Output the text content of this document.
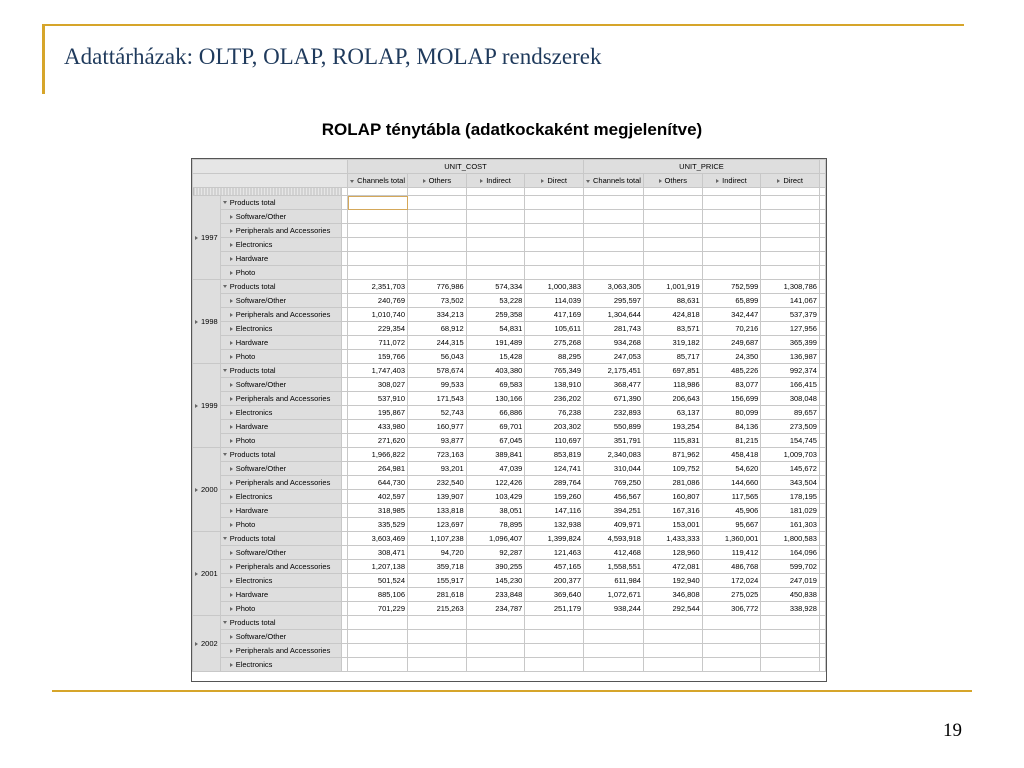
Adattárházak: OLTP, OLAP, ROLAP, MOLAP rendszerek
ROLAP ténytábla (adatkockaként megjelenítve)
			UNIT_COST				UNIT_PRICE				
			Channels total	Others	Indirect	Direct	Channels total	Others	Indirect	Direct	

1997	Products total										
	Software/Other										
	Peripherals and Accessories										
	Electronics										
	Hardware										
	Photo										
1998	Products total		2,351,703	776,986	574,334	1,000,383	3,063,305	1,001,919	752,599	1,308,786	
	Software/Other		240,769	73,502	53,228	114,039	295,597	88,631	65,899	141,067	
	Peripherals and Accessories		1,010,740	334,213	259,358	417,169	1,304,644	424,818	342,447	537,379	
	Electronics		229,354	68,912	54,831	105,611	281,743	83,571	70,216	127,956	
	Hardware		711,072	244,315	191,489	275,268	934,268	319,182	249,687	365,399	
	Photo		159,766	56,043	15,428	88,295	247,053	85,717	24,350	136,987	
1999	Products total		1,747,403	578,674	403,380	765,349	2,175,451	697,851	485,226	992,374	
	Software/Other		308,027	99,533	69,583	138,910	368,477	118,986	83,077	166,415	
	Peripherals and Accessories		537,910	171,543	130,166	236,202	671,390	206,643	156,699	308,048	
	Electronics		195,867	52,743	66,886	76,238	232,893	63,137	80,099	89,657	
	Hardware		433,980	160,977	69,701	203,302	550,899	193,254	84,136	273,509	
	Photo		271,620	93,877	67,045	110,697	351,791	115,831	81,215	154,745	
2000	Products total		1,966,822	723,163	389,841	853,819	2,340,083	871,962	458,418	1,009,703	
	Software/Other		264,981	93,201	47,039	124,741	310,044	109,752	54,620	145,672	
	Peripherals and Accessories		644,730	232,540	122,426	289,764	769,250	281,086	144,660	343,504	
	Electronics		402,597	139,907	103,429	159,260	456,567	160,807	117,565	178,195	
	Hardware		318,985	133,818	38,051	147,116	394,251	167,316	45,906	181,029	
	Photo		335,529	123,697	78,895	132,938	409,971	153,001	95,667	161,303	
2001	Products total		3,603,469	1,107,238	1,096,407	1,399,824	4,593,918	1,433,333	1,360,001	1,800,583	
	Software/Other		308,471	94,720	92,287	121,463	412,468	128,960	119,412	164,096	
	Peripherals and Accessories		1,207,138	359,718	390,255	457,165	1,558,551	472,081	486,768	599,702	
	Electronics		501,524	155,917	145,230	200,377	611,984	192,940	172,024	247,019	
	Hardware		885,106	281,618	233,848	369,640	1,072,671	346,808	275,025	450,838	
	Photo		701,229	215,263	234,787	251,179	938,244	292,544	306,772	338,928	
2002	Products total										
	Software/Other										
	Peripherals and Accessories										
	Electronics										
19
